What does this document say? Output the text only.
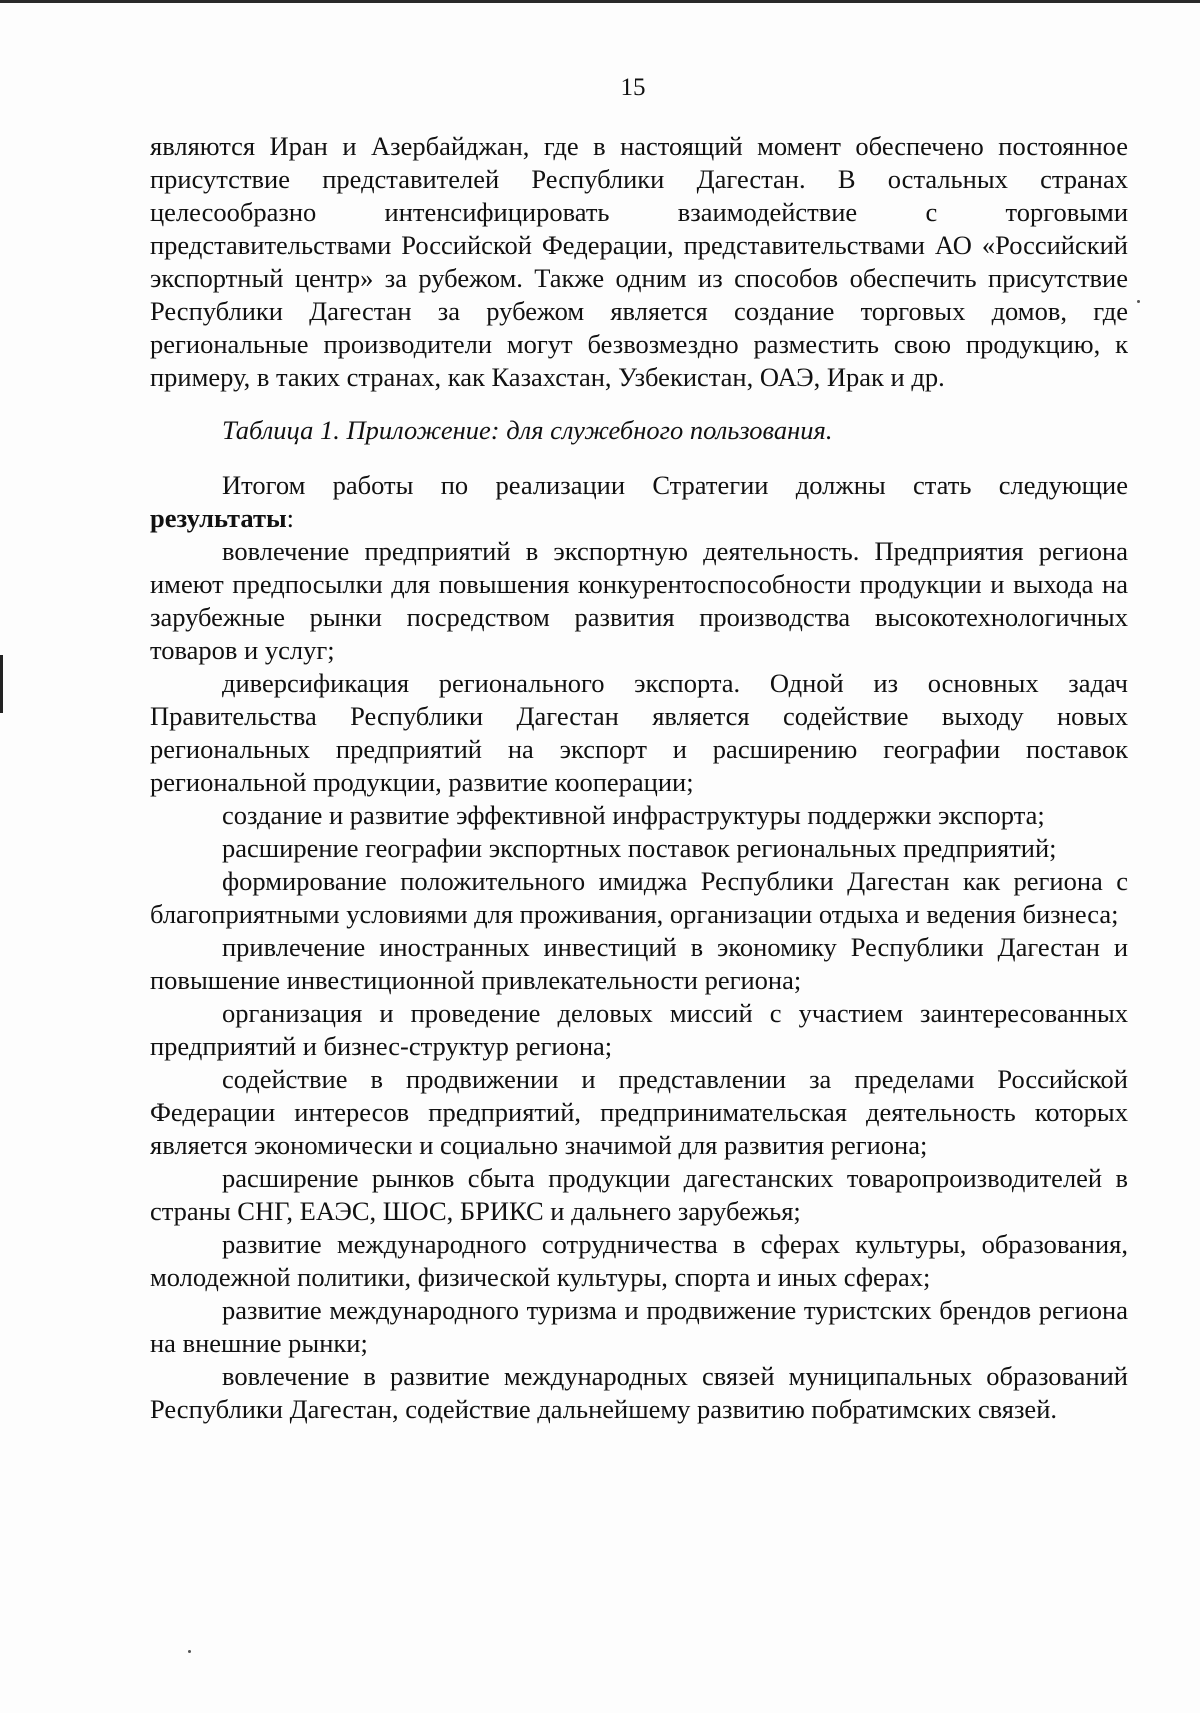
15

являются Иран и Азербайджан, где в настоящий момент обеспечено постоянное присутствие представителей Республики Дагестан. В остальных странах целесообразно интенсифицировать взаимодействие с торговыми представительствами Российской Федерации, представительствами АО «Российский экспортный центр» за рубежом. Также одним из способов обеспечить присутствие Республики Дагестан за рубежом является создание торговых домов, где региональные производители могут безвозмездно разместить свою продукцию, к примеру, в таких странах, как Казахстан, Узбекистан, ОАЭ, Ирак и др.

Таблица 1. Приложение: для служебного пользования.

Итогом работы по реализации Стратегии должны стать следующие результаты:

вовлечение предприятий в экспортную деятельность. Предприятия региона имеют предпосылки для повышения конкурентоспособности продукции и выхода на зарубежные рынки посредством развития производства высокотехнологичных товаров и услуг;

диверсификация регионального экспорта. Одной из основных задач Правительства Республики Дагестан является содействие выходу новых региональных предприятий на экспорт и расширению географии поставок региональной продукции, развитие кооперации;

создание и развитие эффективной инфраструктуры поддержки экспорта;

расширение географии экспортных поставок региональных предприятий;

формирование положительного имиджа Республики Дагестан как региона с благоприятными условиями для проживания, организации отдыха и ведения бизнеса;

привлечение иностранных инвестиций в экономику Республики Дагестан и повышение инвестиционной привлекательности региона;

организация и проведение деловых миссий с участием заинтересованных предприятий и бизнес-структур региона;

содействие в продвижении и представлении за пределами Российской Федерации интересов предприятий, предпринимательская деятельность которых является экономически и социально значимой для развития региона;

расширение рынков сбыта продукции дагестанских товаропроизводителей в страны СНГ, ЕАЭС, ШОС, БРИКС и дальнего зарубежья;

развитие международного сотрудничества в сферах культуры, образования, молодежной политики, физической культуры, спорта и иных сферах;

развитие международного туризма и продвижение туристских брендов региона на внешние рынки;

вовлечение в развитие международных связей муниципальных образований Республики Дагестан, содействие дальнейшему развитию побратимских связей.
